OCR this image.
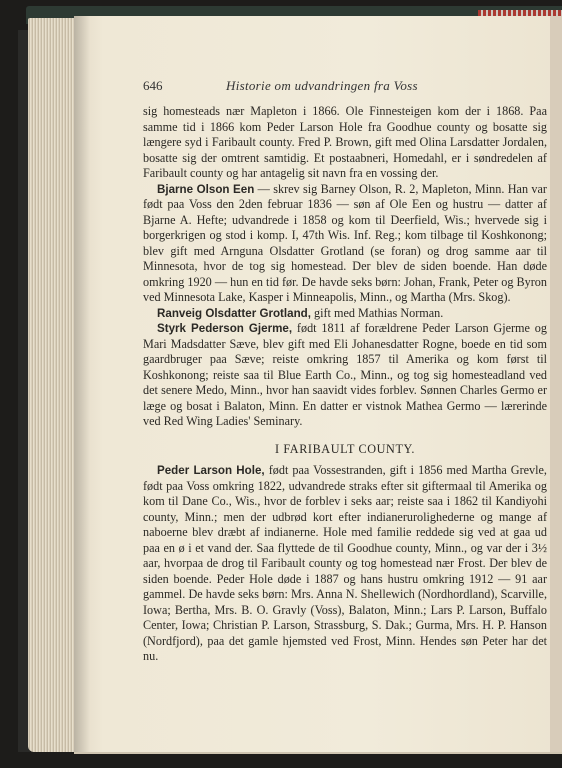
646	Historie om udvandringen fra Voss

sig homesteads nær Mapleton i 1866. Ole Finnesteigen kom der i 1868. Paa samme tid i 1866 kom Peder Larson Hole fra Goodhue county og bosatte sig længere syd i Faribault county. Fred P. Brown, gift med Olina Larsdatter Jordalen, bosatte sig der omtrent samtidig. Et postaabneri, Homedahl, er i søndredelen af Faribault county og har antagelig sit navn fra en vossing der.

Bjarne Olson Een — skrev sig Barney Olson, R. 2, Mapleton, Minn. Han var født paa Voss den 2den februar 1836 — søn af Ole Een og hustru — datter af Bjarne A. Hefte; udvandrede i 1858 og kom til Deerfield, Wis.; hvervede sig i borgerkrigen og stod i komp. I, 47th Wis. Inf. Reg.; kom tilbage til Koshkonong; blev gift med Arnguna Olsdatter Grotland (se foran) og drog samme aar til Minnesota, hvor de tog sig homestead. Der blev de siden boende. Han døde omkring 1920 — hun en tid før. De havde seks børn: Johan, Frank, Peter og Byron ved Minnesota Lake, Kasper i Minneapolis, Minn., og Martha (Mrs. Skog).

Ranveig Olsdatter Grotland, gift med Mathias Norman.

Styrk Pederson Gjerme, født 1811 af forældrene Peder Larson Gjerme og Mari Madsdatter Sæve, blev gift med Eli Johanesdatter Rogne, boede en tid som gaardbruger paa Sæve; reiste omkring 1857 til Amerika og kom først til Koshkonong; reiste saa til Blue Earth Co., Minn., og tog sig homesteadland ved det senere Medo, Minn., hvor han saavidt vides forblev. Sønnen Charles Germo er læge og bosat i Balaton, Minn. En datter er vistnok Mathea Germo — lærerinde ved Red Wing Ladies' Seminary.

I FARIBAULT COUNTY.

Peder Larson Hole, født paa Vossestranden, gift i 1856 med Martha Grevle, født paa Voss omkring 1822, udvandrede straks efter sit giftermaal til Amerika og kom til Dane Co., Wis., hvor de forblev i seks aar; reiste saa i 1862 til Kandiyohi county, Minn.; men der udbrød kort efter indianerurolighederne og mange af naboerne blev dræbt af indianerne. Hole med familie reddede sig ved at gaa ud paa en ø i et vand der. Saa flyttede de til Goodhue county, Minn., og var der i 3½ aar, hvorpaa de drog til Faribault county og tog homestead nær Frost. Der blev de siden boende. Peder Hole døde i 1887 og hans hustru omkring 1912 — 91 aar gammel. De havde seks børn: Mrs. Anna N. Shellewich (Nordhordland), Scarville, Iowa; Bertha, Mrs. B. O. Gravly (Voss), Balaton, Minn.; Lars P. Larson, Buffalo Center, Iowa; Christian P. Larson, Strassburg, S. Dak.; Gurma, Mrs. H. P. Hanson (Nordfjord), paa det gamle hjemsted ved Frost, Minn. Hendes søn Peter har det nu.
